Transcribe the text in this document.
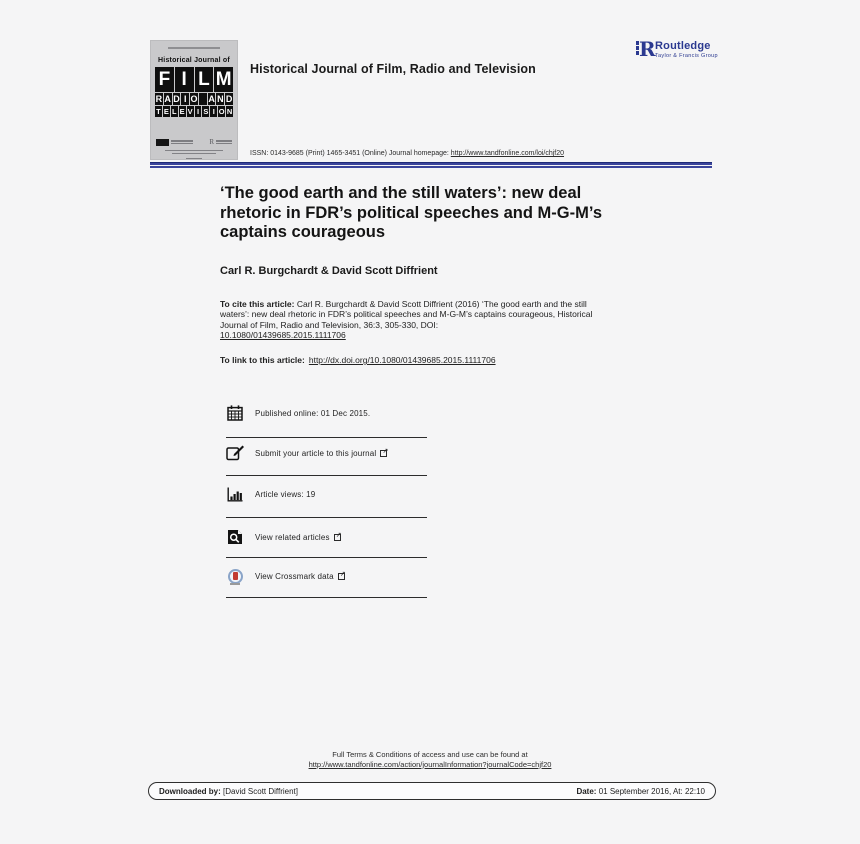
Historical Journal of
F I L M
R A D I O A N D
T E L E V I S I O N
R
Historical Journal of Film, Radio and Television
R Routledge
Taylor & Francis Group
ISSN: 0143-9685 (Print) 1465-3451 (Online) Journal homepage: http://www.tandfonline.com/loi/chjf20
‘The good earth and the still waters’: new deal rhetoric in FDR’s political speeches and M-G-M’s captains courageous
Carl R. Burgchardt & David Scott Diffrient
To cite this article: Carl R. Burgchardt & David Scott Diffrient (2016) ‘The good earth and the still waters’: new deal rhetoric in FDR’s political speeches and M-G-M’s captains courageous, Historical Journal of Film, Radio and Television, 36:3, 305-330, DOI:
10.1080/01439685.2015.1111706
To link to this article: http://dx.doi.org/10.1080/01439685.2015.1111706
Published online: 01 Dec 2015.
Submit your article to this journal
↗
Article views: 19
View related articles
↗
View Crossmark data
↗
Full Terms & Conditions of access and use can be found at
http://www.tandfonline.com/action/journalInformation?journalCode=chjf20
Downloaded by: [David Scott Diffrient]	Date: 01 September 2016, At: 22:10
